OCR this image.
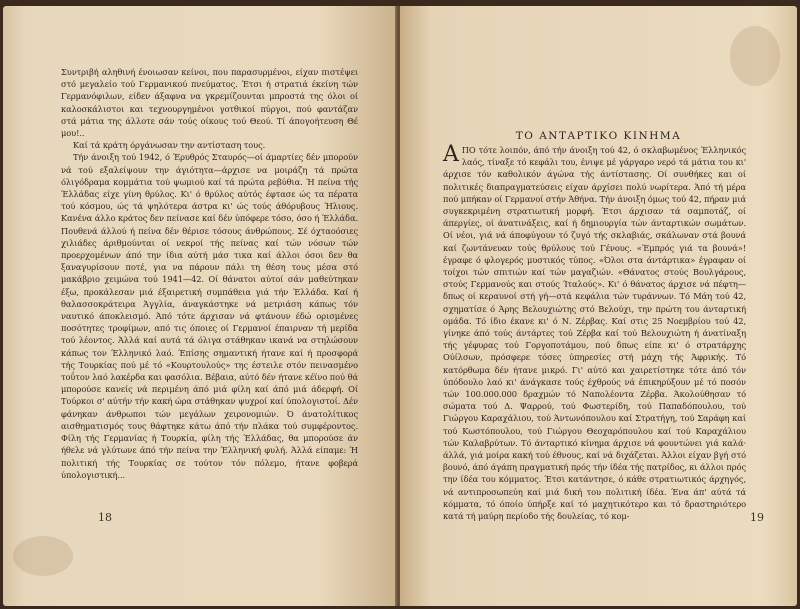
Συντριβή αληθινή ένοιωσαν κείνοι, που παρασυρμένοι, είχαν πιστέψει στό μεγαλείο τού Γερμανικού πνεύματος. Έτσι ή στρατιά έκείνη τών Γερμανόφιλων, είδεν άξαφνα να γκρεμίζουνται μπροστά της όλοι οί καλοσκάλιστοι και τεχνουργημένοι γοτθικοί πύργοι, πού φαντάζαν στά μάτια της άλλοτε σάν τούς οίκους τού Θεού. Τί άπογοήτευση Θέ μου!..

Καί τά κράτη όργάνωσαν την αντίσταση τους.

Τήν άνοιξη τού 1942, ό Έρυθρός Σταυρός—οί άμαρτίες δέν μπορούν νά τού εξαλείψουν την άγιότητα—άρχισε να μοιράζη τά πρώτα όλιγόδραμα κομμάτια τού ψωμιού καί τά πρώτα ρεβύθια. Ή πείνα τής Έλλάδας είχε γίνη θρύλος. Κι' ό θρύλος αύτός έφτασε ώς τα πέρατα τού κόσμου, ώς τά ψηλότερα άστρα κι' ώς τούς άθόρυβους Ήλιους. Κανένα άλλο κράτος δεν πείνασε καί δέν ύπόφερε τόσο, όσο ή Έλλάδα. Πουθενά άλλού ή πείνα δέν θέρισε τόσους άνθρώπους. Σέ όχταοόσιες χιλιάδες άριθμούνται οί νεκροί τής πείνας καί τών νόσων τών προερχομένων άπό την ίδια αύτή μάσ τικα καί άλλοι όσοι δεν θα ξαναγυρίσουν ποτέ, για να πάρουν πάλι τη θέση τους μέσα στό μακάβριο χειμώνα τού 1941—42. Οί θάνατοι αύτοί σάν μαθεύτηκαν έξω, προκάλεσαν μιά έξαιρετική συμπάθεια γιά τήν Έλλάδα. Καί ή θαλασσοκράτειρα Άγγλία, άναγκάστηκε νά μετριάση κάπως τόν ναυτικό άποκλεισμό. Άπό τότε άρχισαν νά φτάνουν έδώ ορισμένες ποσότητες τροφίμων, από τις όποιες οί Γερμανοί έπαιρναν τή μερίδα τού λέοντος. Άλλά καί αυτά τά όλιγα στάθηκαν ικανά να στηλώσουν κάπως τον Έλληνικό λαό. Έπίσης σημαντική ήτανε καί ή προσφορά τής Τουρκίας πού μέ τό «Κουρτουλούς» της έστειλε στόν πεινασμένο τοΰτον λαό λακέρδα και φασόλια. Βέβαια, αύτό δέν ήτανε κέϊνο πού θά μπορούσε κανείς νά περιμένη άπό μιά φίλη καί άπό μιά άδερφή. Οί Τούρκοι σ' αύτήν τήν κακή ώρα στάθηκαν ψυχροί καί ύπολογιστοί. Δέν φάνηκαν άνθρωποι τών μεγάλων χειρονομιών. Ό άνατολίτικος αισθηματισμός τους θάφτηκε κάτω άπό τήν πλάκα τού συμφέροντος. Φίλη τής Γερμανίας ή Τουρκία, φίλη τής Έλλάδας, θα μπορούσε άν ήθελε νά γλύτωνε άπό τήν πείνα την Έλληνική φυλή. Άλλά είπαμε: Ή πολιτική τής Τουρκίας σε τούτον τόν πόλεμο, ήτανε φοβερά ύπολογιστική...

18
ΤΟ ΑΝΤΑΡΤΙΚΟ ΚΙΝΗΜΑ

ΑΠΟ τότε λοιπόν, άπό τήν άνοιξη τού 42, ό σκλαβωμένος Έλληνικός λαός, τίναξε τό κεφάλι του, ένιψε μέ γάργαρο νερό τά μάτια του κι' άρχισε τόν καθολικόν άγώνα τής άντίστασης. Οί συνθήκες και οί πολιτικές διαπραγματεύσεις είχαν άρχίσει πολύ νωρίτερα. Άπό τή μέρα πού μπήκαν οί Γερμανοί στήν Άθήνα. Τήν άνοιξη όμως τού 42, πήραν μιά συγκεκριμένη στρατιωτική μορφή. Έτσι άρχισαν τά σαμποτάζ, οί άπεργίες, οί άνατινάξεις, καί ή δημιουργία τών άνταρτικών σωμάτων. Οί νέοι, γιά νά άποφύγουν τό ζυγό τής σκλαβιάς, σκάλωναν στά βουνά καί ζωντάνευαν τούς θρύλους τού Γένους. «Έμπρός γιά τα βουνά»! έγραφε ό φλογερός μυστικός τύπος. «Όλοι στα άντάρτικα» έγραφαν οί τοίχοι τών σπιτιών καί τών μαγαζιών. «Θάνατος στούς Βουλγάρους, στούς Γερμανούς και στούς Ίταλούς». Κι' ό θάνατος άρχισε νά πέφτη—δπως οί κεραυνοί στή γή—στά κεφάλια τών τυράννων. Τό Μάη τού 42, σχηματίσε ό Άρης Βελουχιώτης στό Βελούχι, την πρώτη του άνταρτική ομάδα. Τό ίδιο έκανε κι' ό Ν. Ζέρβας. Καί στις 25 Νοεμβρίου τού 42, γίνηκε άπό τούς άντάρτες τού Ζέρβα καί τού Βελουχιώτη ή άνατίναξη τής γέφυρας τού Γοργοποτάμου, πού δπως είπε κι' ό στρατάρχης Ούίλσων, πρόσφερε τόσες ύπηρεσίες στή μάχη τής Άφρικής. Τό κατόρθωμα δέν ήτανε μικρό. Γι' αύτό και χαιρετίστηκε τότε άπό τόν ύπόδουλο λαό κι' άνάγκασε τούς έχθρούς νά έπικηρύξουν μέ τό ποσόν τών 100.000.000 δραχμών τό Ναπολέοντα Ζέρβα. Άκολούθησαν τό σώματα τού Δ. Ψαρρού, τού Φωστερίδη, τού Παπαδόπουλου, τού Γιώργου Καραχάλιου, τού Άντωνόπουλου καί Στρατήγη, τού Σαράφη καί τού Κωστόπουλου, τού Γιώργου Θεοχαρόπουλου καί τού Καραχάλιου τών Καλαβρύτων. Τό άνταρτικό κίνημα άρχισε νά φουντώνει γιά καλά· άλλά, γιά μοίρα κακή τού έθνους, καί νά διχάζεται. Άλλοι είχαν βγή στό βουνό, άπό άγάπη πραγματική πρός τήν ίδέα τής πατρίδος, κι άλλοι πρός την ίδέα του κόμματος. Έτσι κατάντησε, ό κάθε στρατιωτικός άρχηγός, νά αντιπροσωπεύη καί μιά δική του πολιτική ίδέα. Ένα άπ' αύτά τά κόμματα, τό όποίο ύπήρξε καί τό μαχητικότερο και τό δραστηριότερο κατά τή μαύρη περίοδο τής δουλείας, τό κομ-	19
